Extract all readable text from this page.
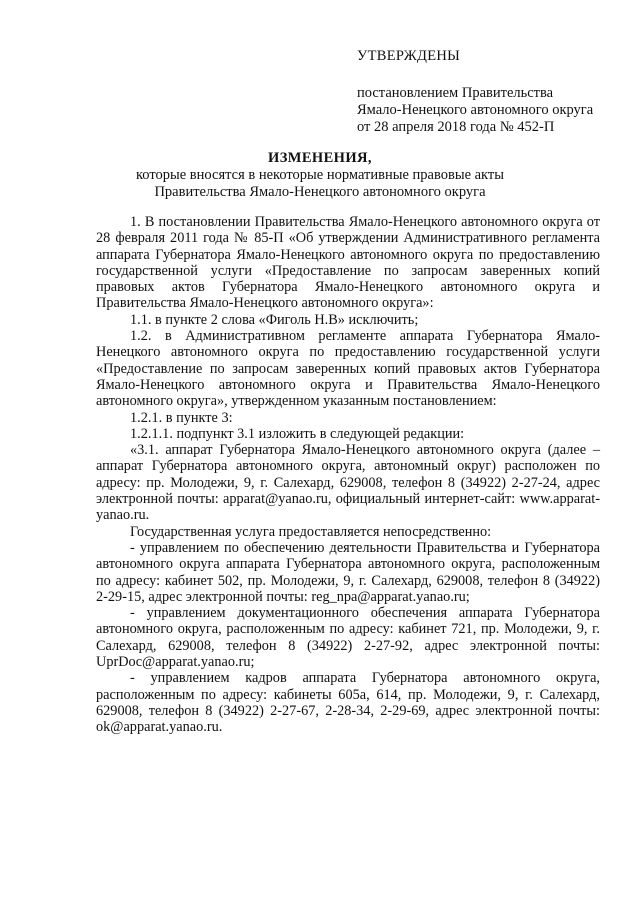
УТВЕРЖДЕНЫ
постановлением Правительства
Ямало-Ненецкого автономного округа
от 28 апреля 2018 года № 452-П
ИЗМЕНЕНИЯ,
которые вносятся в некоторые нормативные правовые акты
Правительства Ямало-Ненецкого автономного округа

1. В постановлении Правительства Ямало-Ненецкого автономного округа от 28 февраля 2011 года № 85-П «Об утверждении Административного регламента аппарата Губернатора Ямало-Ненецкого автономного округа по предоставлению государственной услуги «Предоставление по запросам заверенных копий правовых актов Губернатора Ямало-Ненецкого автономного округа и Правительства Ямало-Ненецкого автономного округа»:

1.1. в пункте 2 слова «Фиголь Н.В» исключить;

1.2. в Административном регламенте аппарата Губернатора Ямало-Ненецкого автономного округа по предоставлению государственной услуги «Предоставление по запросам заверенных копий правовых актов Губернатора Ямало-Ненецкого автономного округа и Правительства Ямало-Ненецкого автономного округа», утвержденном указанным постановлением:

1.2.1. в пункте 3:

1.2.1.1. подпункт 3.1 изложить в следующей редакции:

«3.1. аппарат Губернатора Ямало-Ненецкого автономного округа (далее – аппарат Губернатора автономного округа, автономный округ) расположен по адресу: пр. Молодежи, 9, г. Салехард, 629008, телефон 8 (34922) 2-27-24, адрес электронной почты: apparat@yanao.ru, официальный интернет-сайт: www.apparat-yanao.ru.

Государственная услуга предоставляется непосредственно:

- управлением по обеспечению деятельности Правительства и Губернатора автономного округа аппарата Губернатора автономного округа, расположенным по адресу: кабинет 502, пр. Молодежи, 9, г. Салехард, 629008, телефон 8 (34922) 2-29-15, адрес электронной почты: reg_npa@apparat.yanao.ru;

- управлением документационного обеспечения аппарата Губернатора автономного округа, расположенным по адресу: кабинет 721, пр. Молодежи, 9, г. Салехард, 629008, телефон 8 (34922) 2-27-92, адрес электронной почты: UprDoc@apparat.yanao.ru;

- управлением кадров аппарата Губернатора автономного округа, расположенным по адресу: кабинеты 605а, 614, пр. Молодежи, 9, г. Салехард, 629008, телефон 8 (34922) 2-27-67, 2-28-34, 2-29-69, адрес электронной почты: ok@apparat.yanao.ru.
